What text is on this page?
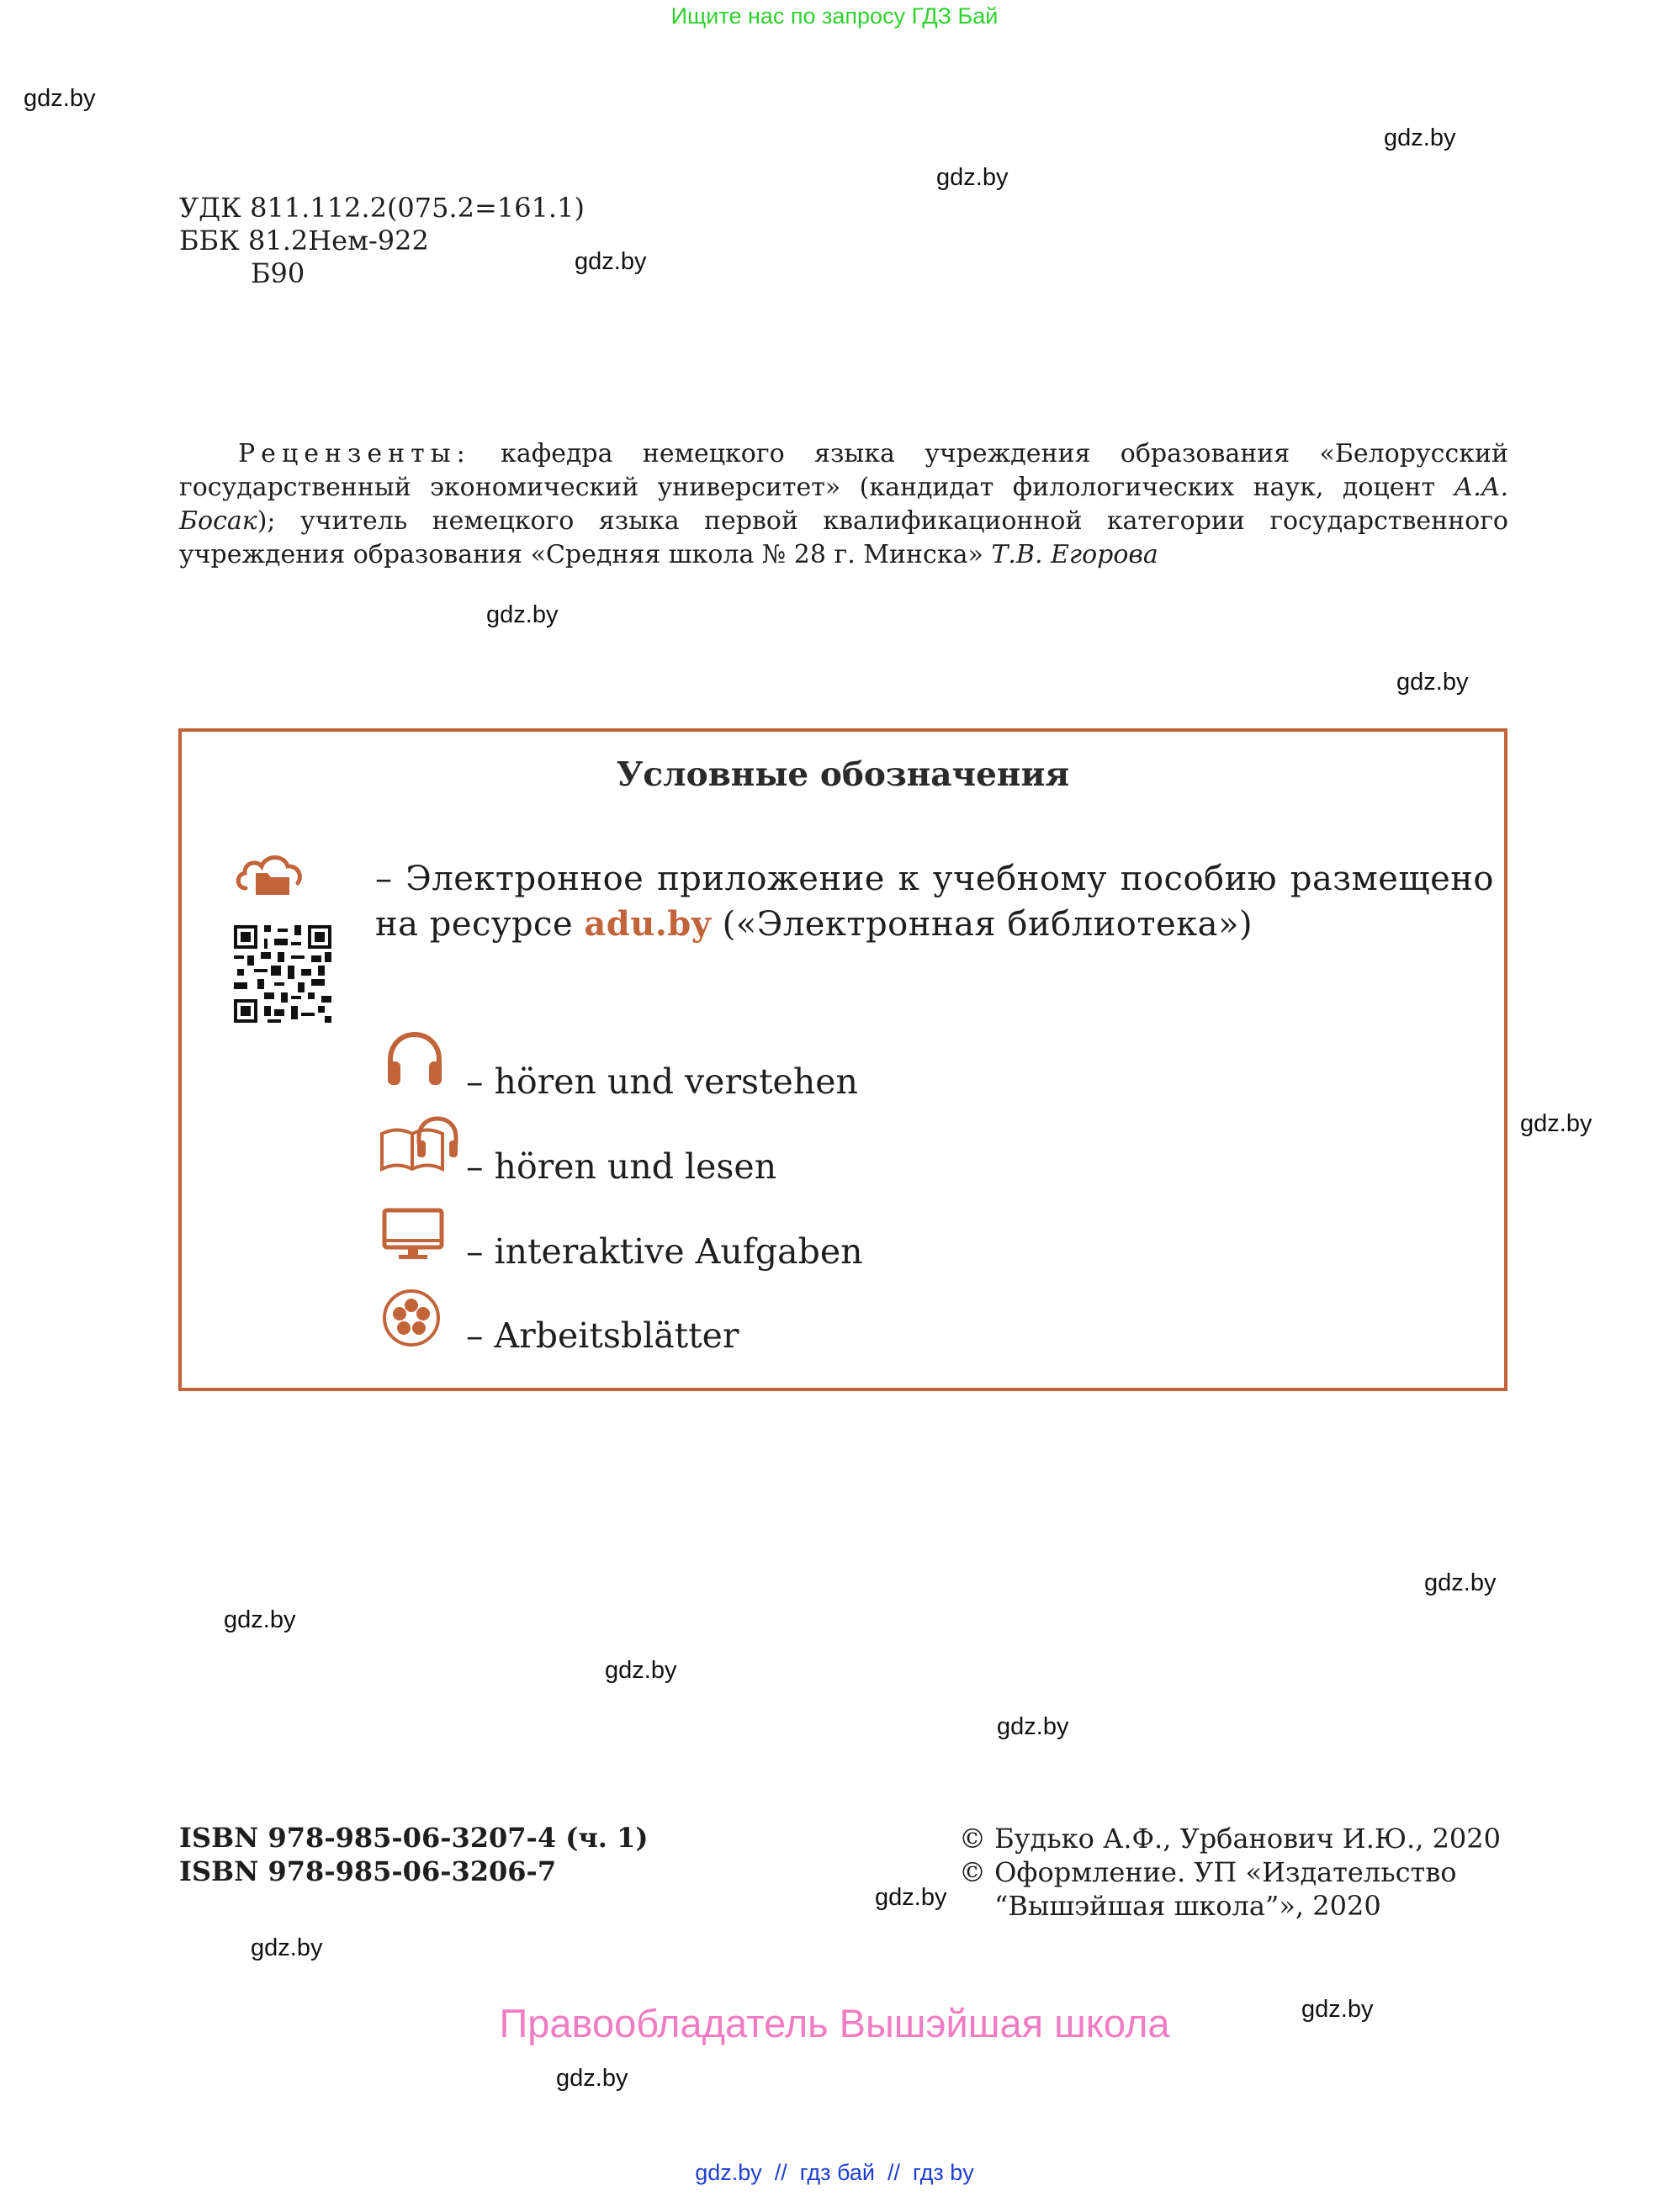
Ищите нас по запросу ГДЗ Бай
gdz.by
gdz.by
gdz.by
gdz.by
gdz.by
gdz.by
gdz.by
gdz.by
gdz.by
gdz.by
gdz.by
gdz.by
gdz.by
gdz.by
gdz.by
УДК 811.112.2(075.2=161.1)
ББК 81.2Нем-922
Б90
Рецензенты: кафедра немецкого языка учреждения образования «Белорусский государственный экономический университет» (кандидат филологических наук, доцент А.А. Босак); учитель немецкого языка первой квалификационной категории государственного учреждения образования «Средняя школа № 28 г. Минска» Т.В. Егорова
Условные обозначения
– Электронное приложение к учебному пособию размещено на ресурсе adu.by («Электронная библиотека»)
– hören und verstehen
– hören und lesen
– interaktive Aufgaben
– Arbeitsblätter
ISBN 978-985-06-3207-4 (ч. 1)
ISBN 978-985-06-3206-7
© Будько А.Ф., Урбанович И.Ю., 2020
© Оформление. УП «Издательство
“Вышэйшая школа”», 2020
Правообладатель Вышэйшая школа
gdz.by  //  гдз бай  //  гдз by
